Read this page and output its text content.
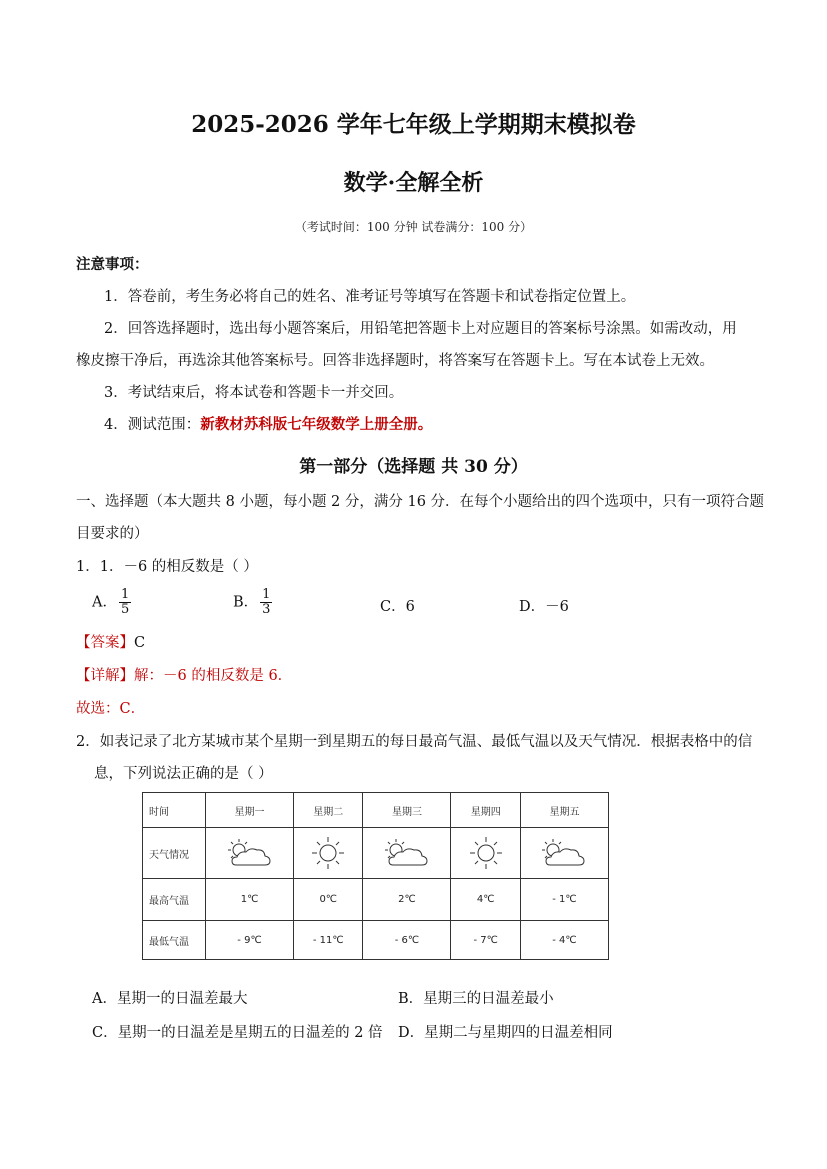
2025-2026 学年七年级上学期期末模拟卷
数学·全解全析
（考试时间：100 分钟 试卷满分：100 分）
注意事项：
1．答卷前，考生务必将自己的姓名、准考证号等填写在答题卡和试卷指定位置上。
2．回答选择题时，选出每小题答案后，用铅笔把答题卡上对应题目的答案标号涂黑。如需改动，用
橡皮擦干净后，再选涂其他答案标号。回答非选择题时，将答案写在答题卡上。写在本试卷上无效。
3．考试结束后，将本试卷和答题卡一并交回。
4．测试范围：新教材苏科版七年级数学上册全册。
第一部分（选择题 共 30 分）
一、选择题（本大题共 8 小题，每小题 2 分，满分 16 分．在每个小题给出的四个选项中，只有一项符合题
目要求的）
1．1．－6 的相反数是（ ）
A． $\frac{1}{5}$	B． $\frac{1}{3}$	C．6	D．－6
【答案】C
【详解】解：－6 的相反数是 6．
故选：C．
2．如表记录了北方某城市某个星期一到星期五的每日最高气温、最低气温以及天气情况．根据表格中的信
息，下列说法正确的是（ ）
时间	星期一	星期二	星期三	星期四	星期五
天气情况	

最高气温	1℃	0℃	2℃	4℃	- 1℃
最低气温	- 9℃	- 11℃	- 6℃	- 7℃	- 4℃
A．星期一的日温差最大	B．星期三的日温差最小
C．星期一的日温差是星期五的日温差的 2 倍 D．星期二与星期四的日温差相同
